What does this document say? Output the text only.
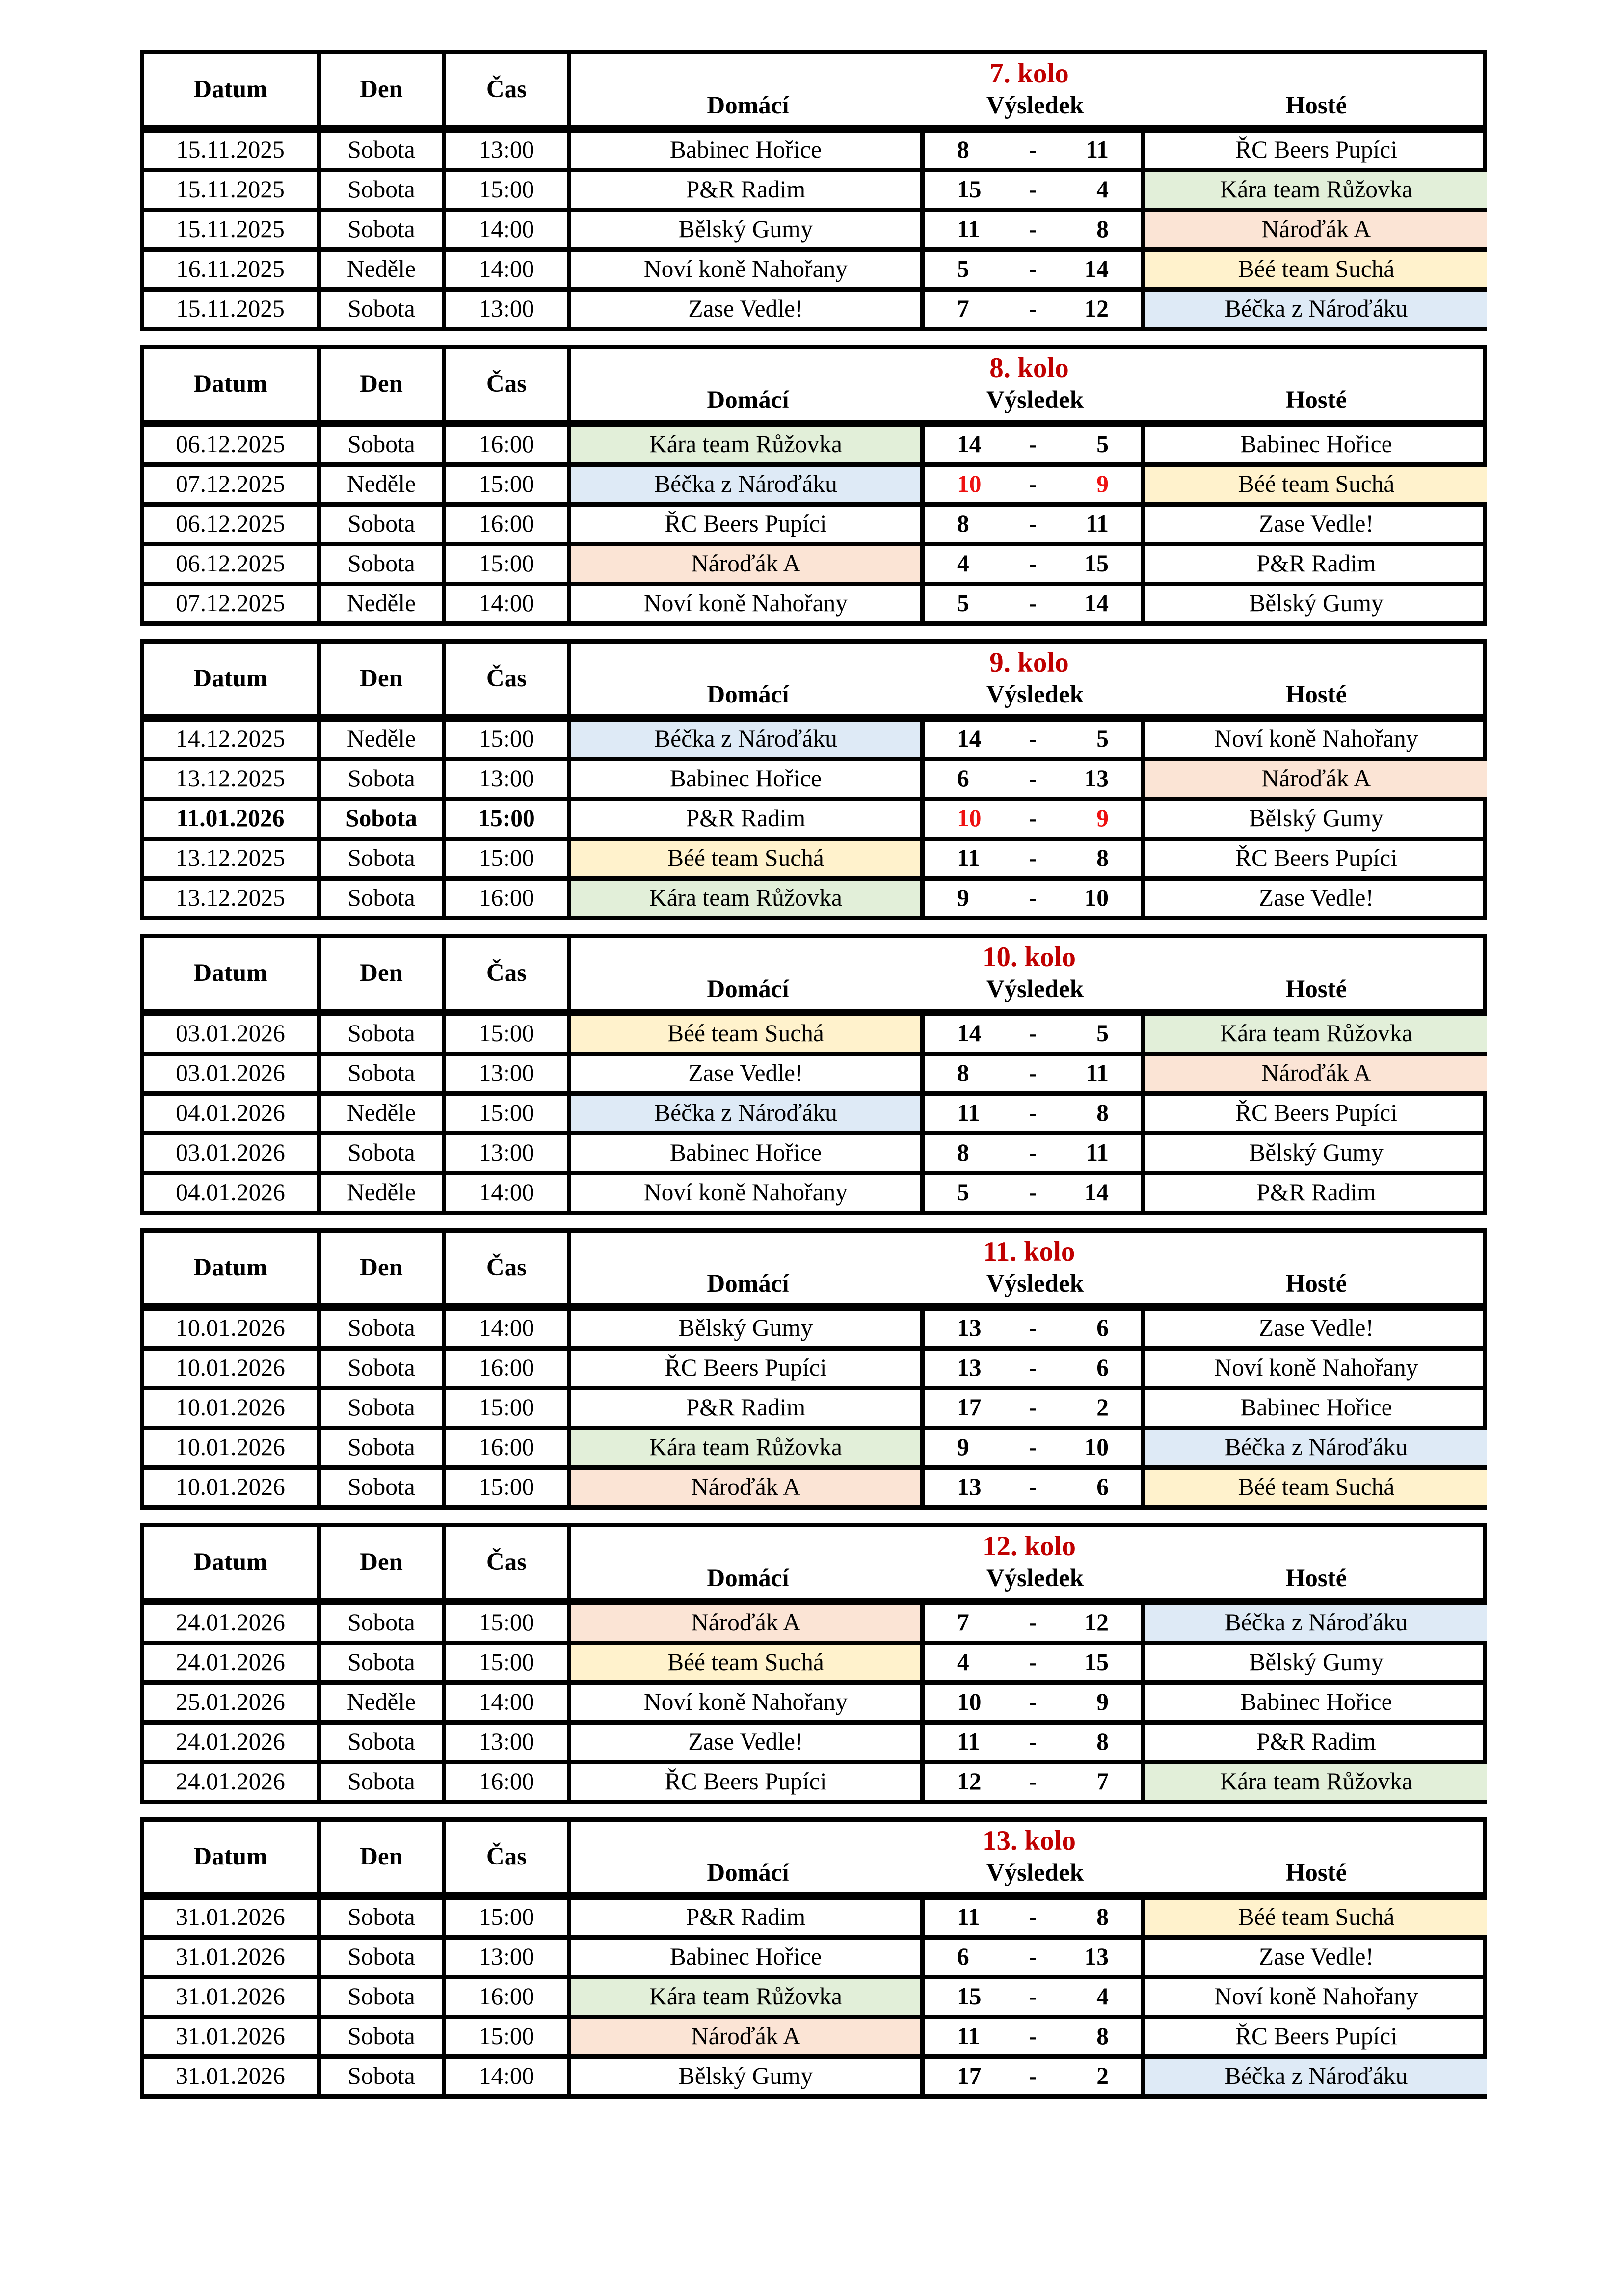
Datum	Den	Čas	7. kolo
Domácí	Výsledek	Hosté
15.11.2025	Sobota	13:00	Babinec Hořice	8	-	11	ŘC Beers Pupíci
15.11.2025	Sobota	15:00	P&R Radim	15	-	4	Kára team Růžovka
15.11.2025	Sobota	14:00	Bělský Gumy	11	-	8	Nároďák A
16.11.2025	Neděle	14:00	Noví koně Nahořany	5	-	14	Béé team Suchá
15.11.2025	Sobota	13:00	Zase Vedle!	7	-	12	Béčka z Nároďáku
Datum	Den	Čas	8. kolo
Domácí	Výsledek	Hosté
06.12.2025	Sobota	16:00	Kára team Růžovka	14	-	5	Babinec Hořice
07.12.2025	Neděle	15:00	Béčka z Nároďáku	10	-	9	Béé team Suchá
06.12.2025	Sobota	16:00	ŘC Beers Pupíci	8	-	11	Zase Vedle!
06.12.2025	Sobota	15:00	Nároďák A	4	-	15	P&R Radim
07.12.2025	Neděle	14:00	Noví koně Nahořany	5	-	14	Bělský Gumy
Datum	Den	Čas	9. kolo
Domácí	Výsledek	Hosté
14.12.2025	Neděle	15:00	Béčka z Nároďáku	14	-	5	Noví koně Nahořany
13.12.2025	Sobota	13:00	Babinec Hořice	6	-	13	Nároďák A
11.01.2026	Sobota	15:00	P&R Radim	10	-	9	Bělský Gumy
13.12.2025	Sobota	15:00	Béé team Suchá	11	-	8	ŘC Beers Pupíci
13.12.2025	Sobota	16:00	Kára team Růžovka	9	-	10	Zase Vedle!
Datum	Den	Čas	10. kolo
Domácí	Výsledek	Hosté
03.01.2026	Sobota	15:00	Béé team Suchá	14	-	5	Kára team Růžovka
03.01.2026	Sobota	13:00	Zase Vedle!	8	-	11	Nároďák A
04.01.2026	Neděle	15:00	Béčka z Nároďáku	11	-	8	ŘC Beers Pupíci
03.01.2026	Sobota	13:00	Babinec Hořice	8	-	11	Bělský Gumy
04.01.2026	Neděle	14:00	Noví koně Nahořany	5	-	14	P&R Radim
Datum	Den	Čas	11. kolo
Domácí	Výsledek	Hosté
10.01.2026	Sobota	14:00	Bělský Gumy	13	-	6	Zase Vedle!
10.01.2026	Sobota	16:00	ŘC Beers Pupíci	13	-	6	Noví koně Nahořany
10.01.2026	Sobota	15:00	P&R Radim	17	-	2	Babinec Hořice
10.01.2026	Sobota	16:00	Kára team Růžovka	9	-	10	Béčka z Nároďáku
10.01.2026	Sobota	15:00	Nároďák A	13	-	6	Béé team Suchá
Datum	Den	Čas	12. kolo
Domácí	Výsledek	Hosté
24.01.2026	Sobota	15:00	Nároďák A	7	-	12	Béčka z Nároďáku
24.01.2026	Sobota	15:00	Béé team Suchá	4	-	15	Bělský Gumy
25.01.2026	Neděle	14:00	Noví koně Nahořany	10	-	9	Babinec Hořice
24.01.2026	Sobota	13:00	Zase Vedle!	11	-	8	P&R Radim
24.01.2026	Sobota	16:00	ŘC Beers Pupíci	12	-	7	Kára team Růžovka
Datum	Den	Čas	13. kolo
Domácí	Výsledek	Hosté
31.01.2026	Sobota	15:00	P&R Radim	11	-	8	Béé team Suchá
31.01.2026	Sobota	13:00	Babinec Hořice	6	-	13	Zase Vedle!
31.01.2026	Sobota	16:00	Kára team Růžovka	15	-	4	Noví koně Nahořany
31.01.2026	Sobota	15:00	Nároďák A	11	-	8	ŘC Beers Pupíci
31.01.2026	Sobota	14:00	Bělský Gumy	17	-	2	Béčka z Nároďáku
